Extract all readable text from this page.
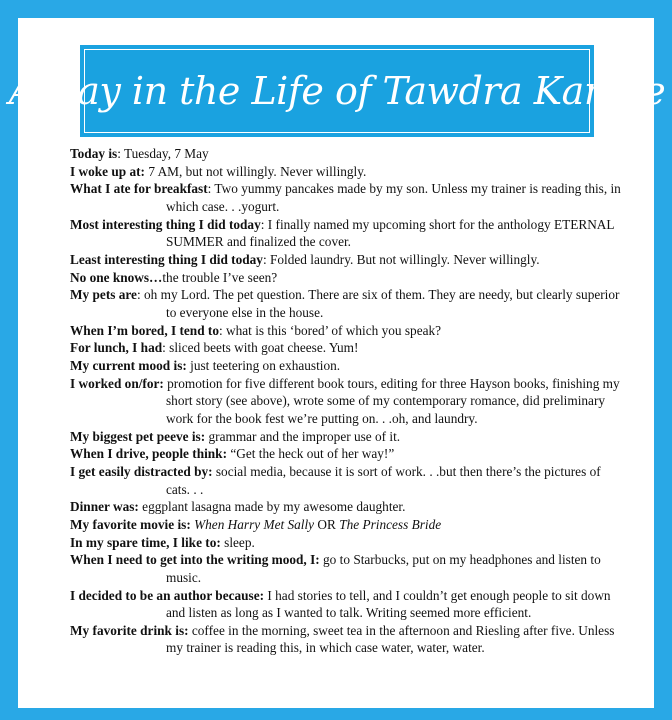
A Day in the Life of Tawdra Kandle

Today is: Tuesday, 7 May

I woke up at: 7 AM, but not willingly. Never willingly.

What I ate for breakfast: Two yummy pancakes made by my son. Unless my trainer is reading this, in which case. . .yogurt.

Most interesting thing I did today: I finally named my upcoming short for the anthology ETERNAL SUMMER and finalized the cover.

Least interesting thing I did today: Folded laundry. But not willingly. Never willingly.

No one knows…the trouble I’ve seen?

My pets are: oh my Lord. The pet question. There are six of them. They are needy, but clearly superior to everyone else in the house.

When I’m bored, I tend to: what is this ‘bored’ of which you speak?

For lunch, I had: sliced beets with goat cheese. Yum!

My current mood is: just teetering on exhaustion.

I worked on/for: promotion for five different book tours, editing for three Hayson books, finishing my short story (see above), wrote some of my contemporary romance, did preliminary work for the book fest we’re putting on. . .oh, and laundry.

My biggest pet peeve is: grammar and the improper use of it.

When I drive, people think: “Get the heck out of her way!”

I get easily distracted by: social media, because it is sort of work. . .but then there’s the pictures of cats. . .

Dinner was: eggplant lasagna made by my awesome daughter.

My favorite movie is: When Harry Met Sally OR The Princess Bride

In my spare time, I like to: sleep.

When I need to get into the writing mood, I: go to Starbucks, put on my headphones and listen to music.

I decided to be an author because: I had stories to tell, and I couldn’t get enough people to sit down and listen as long as I wanted to talk. Writing seemed more efficient.

My favorite drink is: coffee in the morning, sweet tea in the afternoon and Riesling after five. Unless my trainer is reading this, in which case water, water, water.
